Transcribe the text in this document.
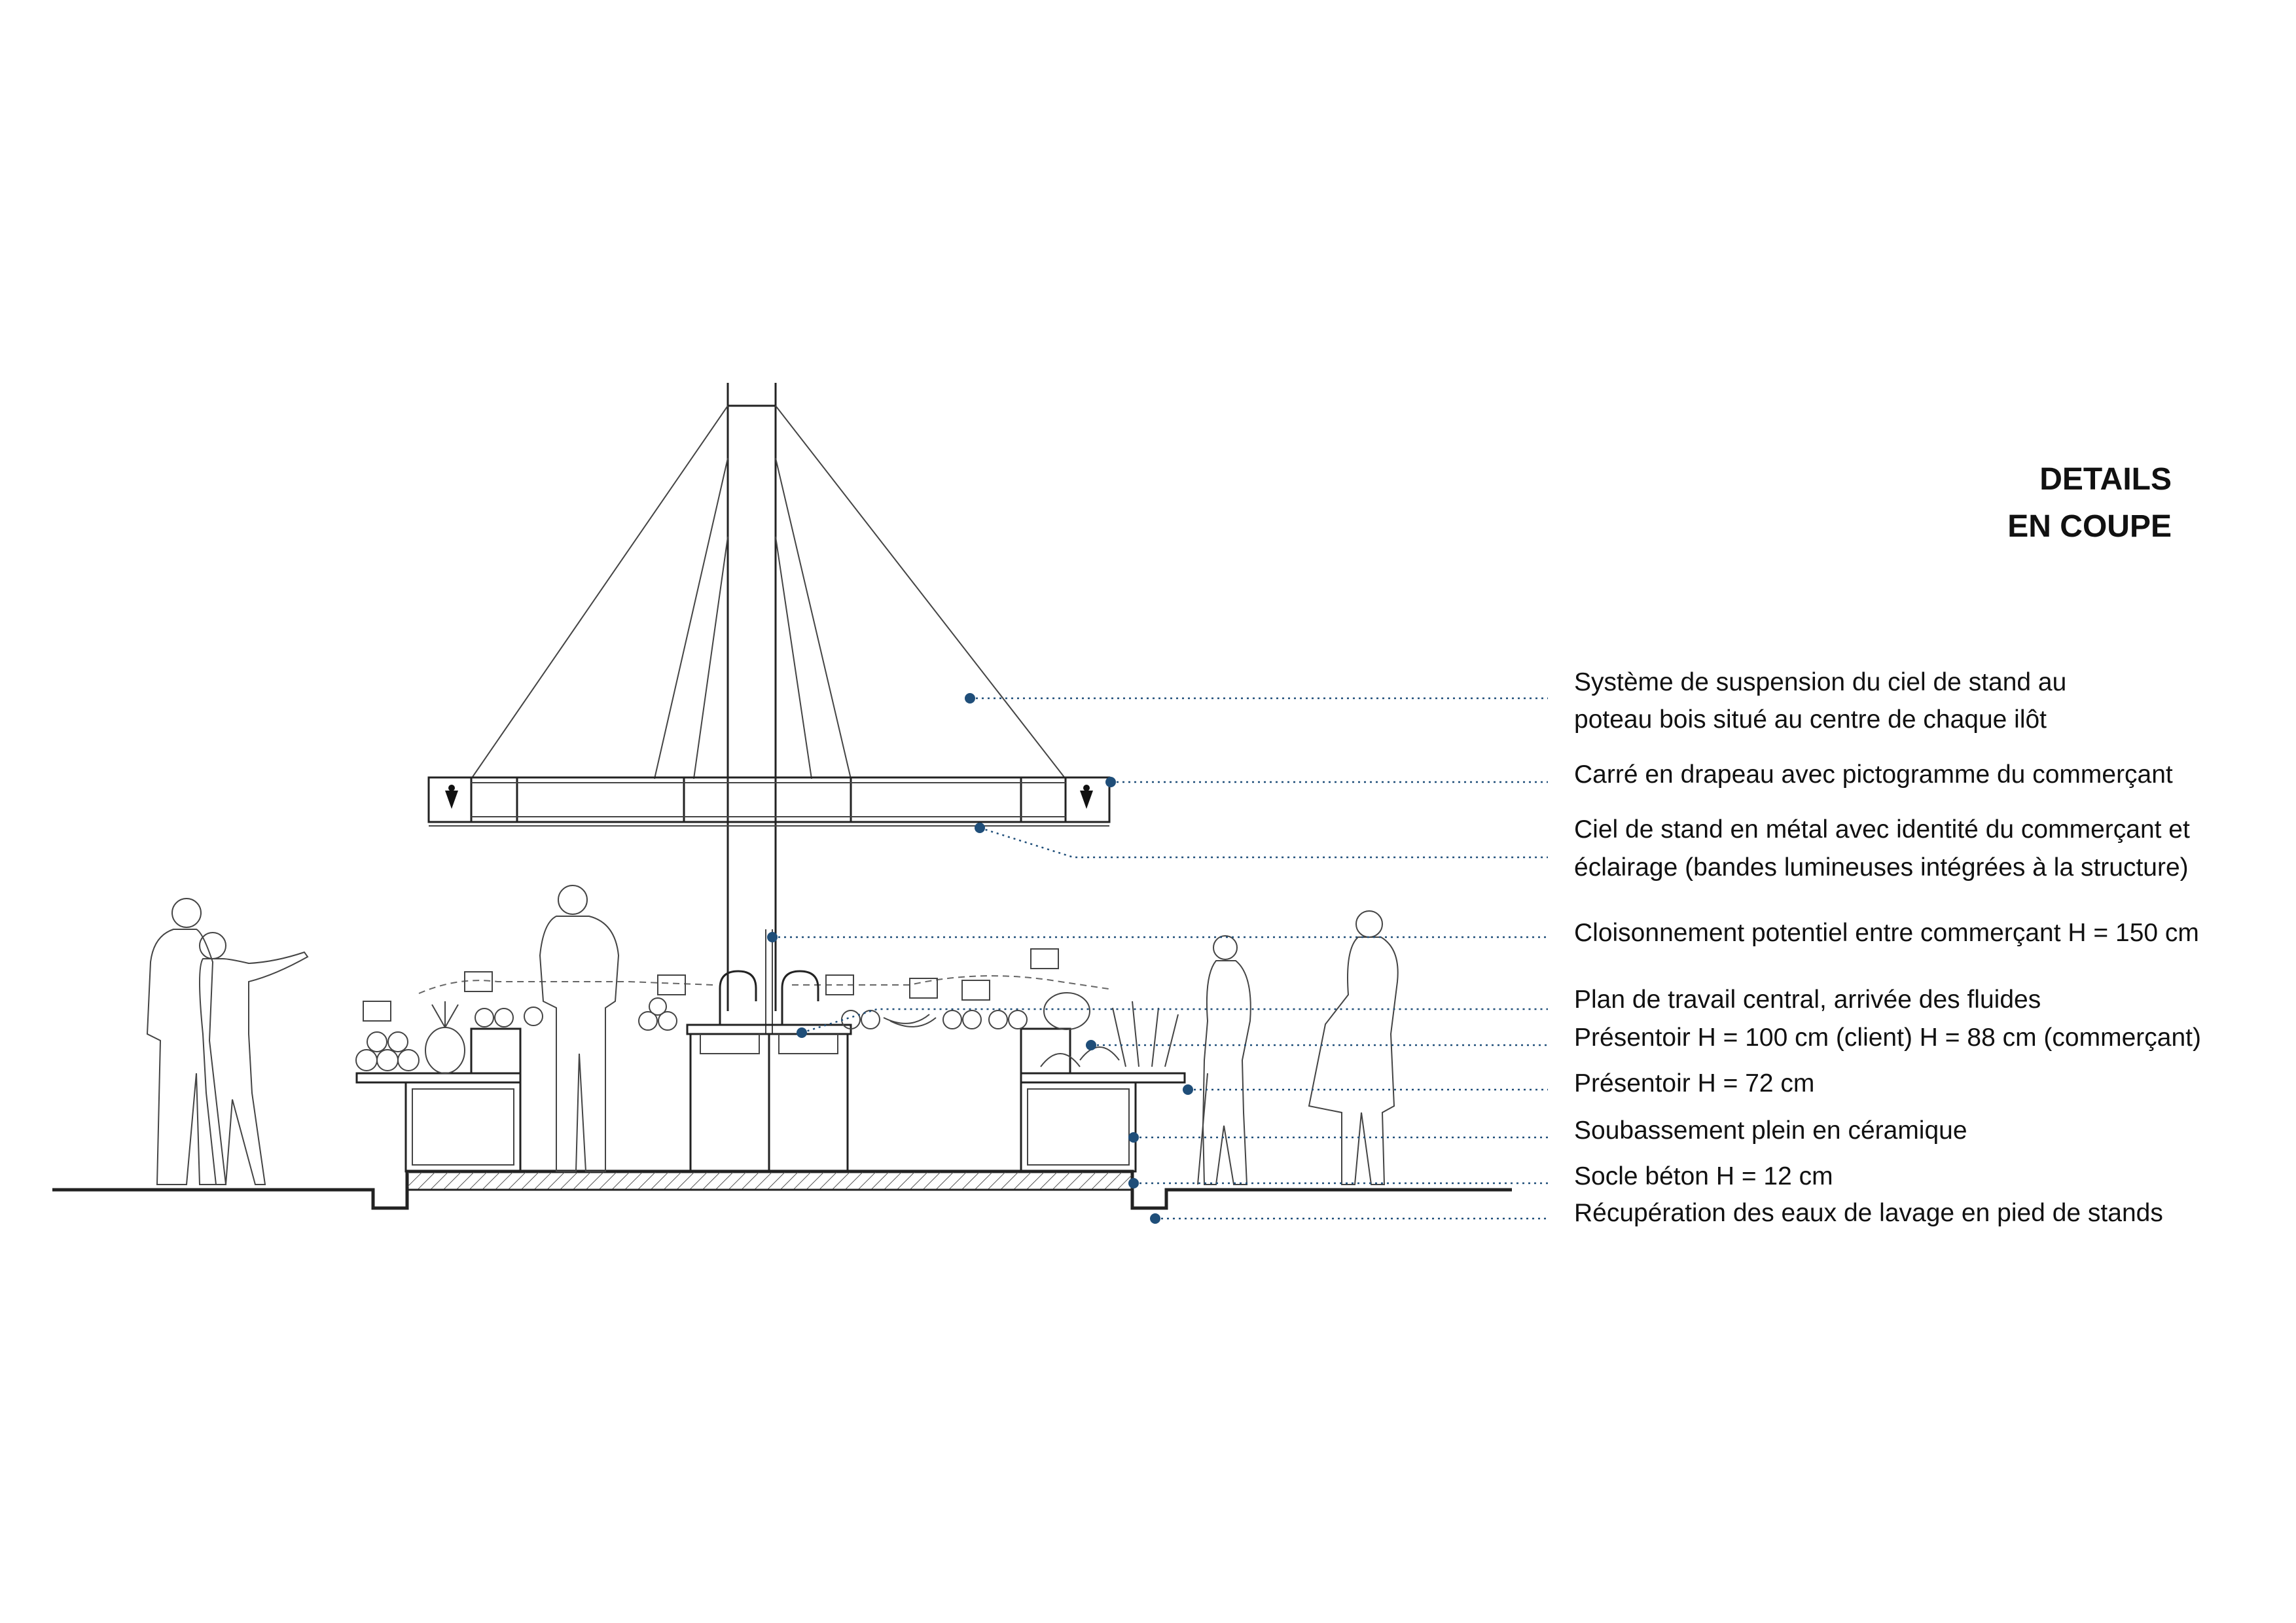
DETAILS
EN COUPE
Système de suspension du ciel de stand au
poteau bois situé au centre de chaque ilôt
Carré en drapeau avec pictogramme du commerçant
Ciel de stand en métal avec identité du commerçant et
éclairage (bandes lumineuses intégrées à la structure)
Cloisonnement potentiel entre commerçant H = 150 cm
Plan de travail central, arrivée des fluides
Présentoir H = 100 cm (client) H = 88 cm (commerçant)
Présentoir H = 72 cm
Soubassement plein en céramique
Socle béton H = 12 cm
Récupération des eaux de lavage en pied de stands
